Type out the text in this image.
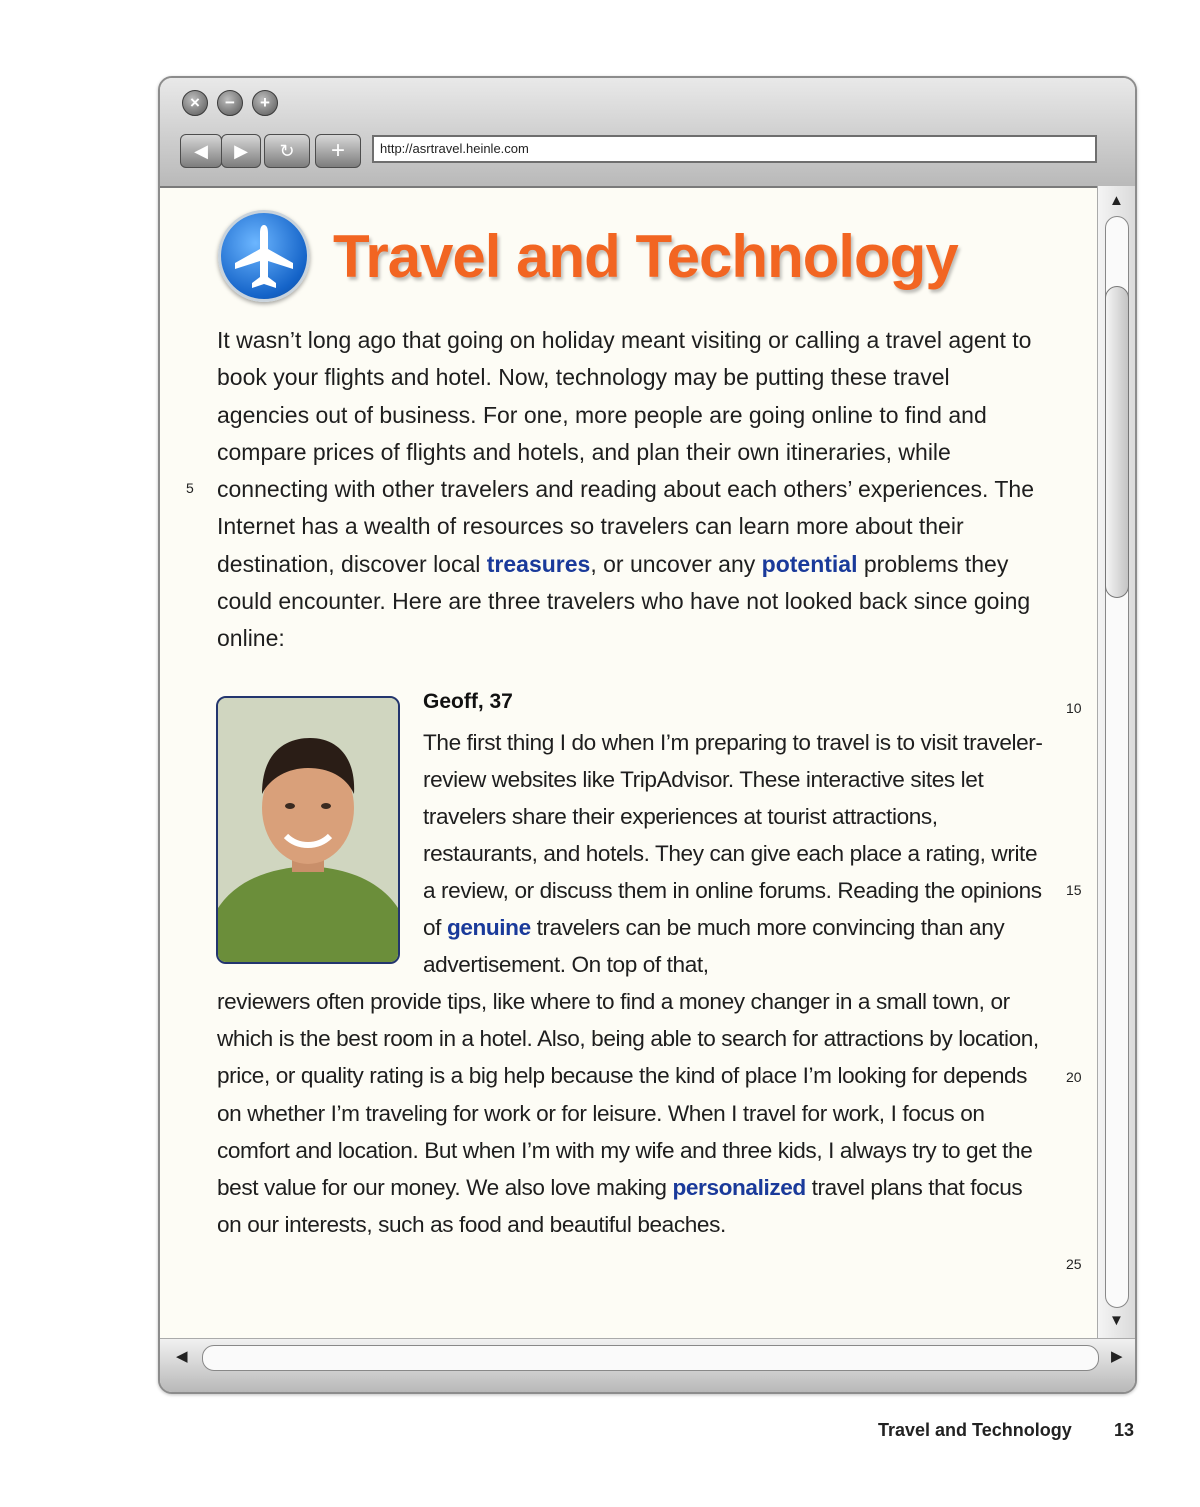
×	−	+
◀	▶	↻	+	http://asrtravel.heinle.com
Travel and Technology
It wasn’t long ago that going on holiday meant visiting or calling a travel agent to book your flights and hotel. Now, technology may be putting these travel agencies out of business. For one, more people are going online to find and compare prices of flights and hotels, and plan their own itineraries, while connecting with other travelers and reading about each others’ experiences. The Internet has a wealth of resources so travelers can learn more about their destination, discover local treasures, or uncover any potential problems they could encounter. Here are three travelers who have not looked back since going online:
Geoff, 37
The first thing I do when I’m preparing to travel is to visit traveler-review websites like TripAdvisor. These interactive sites let travelers share their experiences at tourist attractions, restaurants, and hotels. They can give each place a rating, write a review, or discuss them in online forums. Reading the opinions of genuine travelers can be much more convincing than any advertisement. On top of that,
reviewers often provide tips, like where to find a money changer in a small town, or which is the best room in a hotel. Also, being able to search for attractions by location, price, or quality rating is a big help because the kind of place I’m looking for depends on whether I’m traveling for work or for leisure. When I travel for work, I focus on comfort and location. But when I’m with my wife and three kids, I always try to get the best value for our money. We also love making personalized travel plans that focus on our interests, such as food and beautiful beaches.
▲
▼
◀	▶
5
10
15
20
25
Travel and Technology 13
